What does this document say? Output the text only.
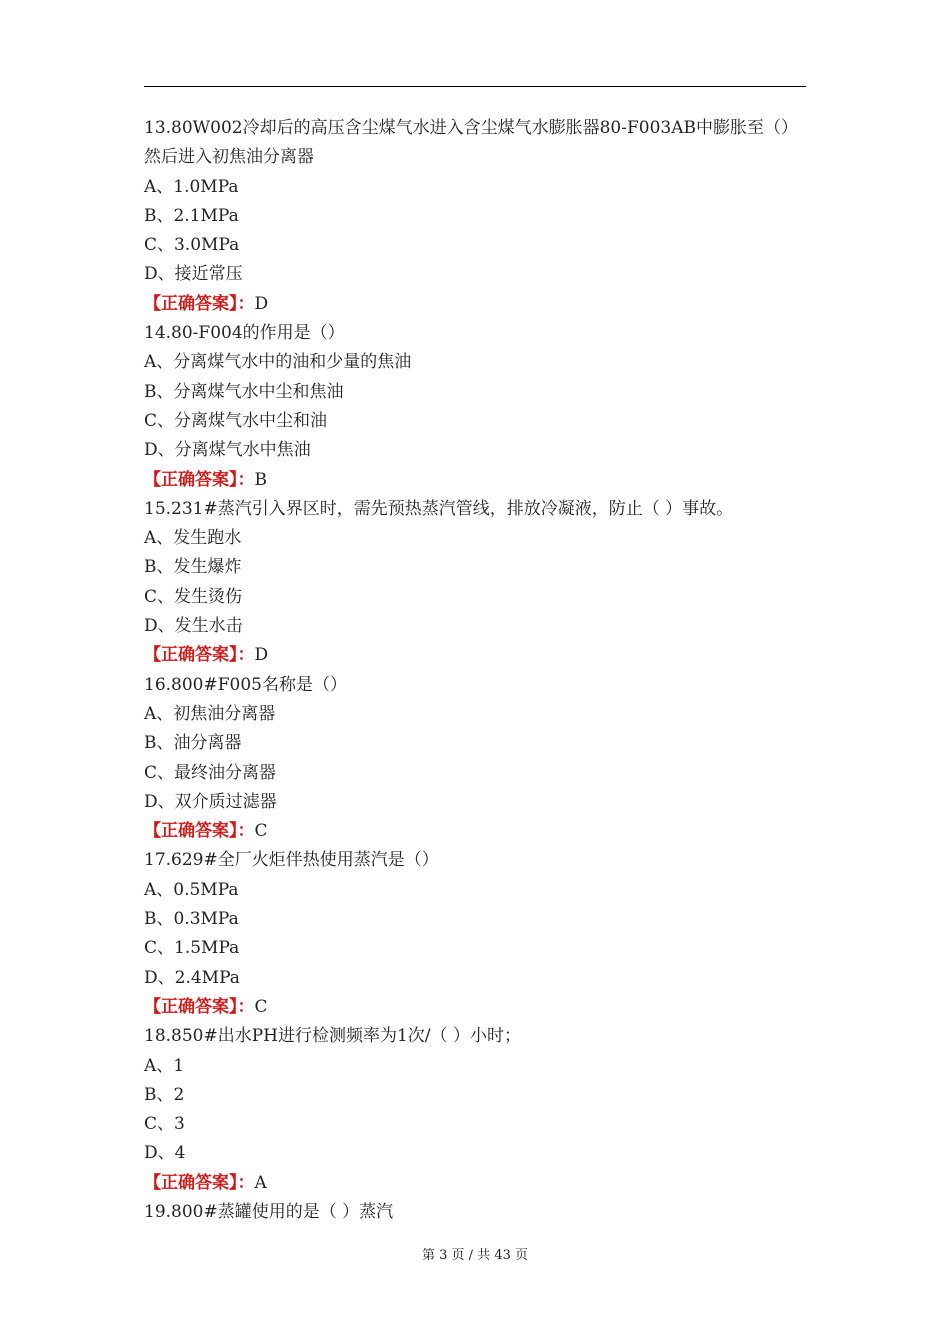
13.80W002冷却后的高压含尘煤气水进入含尘煤气水膨胀器80-F003AB中膨胀至（）然后进入初焦油分离器
A、1.0MPa
B、2.1MPa
C、3.0MPa
D、接近常压
【正确答案】：D
14.80-F004的作用是（）
A、分离煤气水中的油和少量的焦油
B、分离煤气水中尘和焦油
C、分离煤气水中尘和油
D、分离煤气水中焦油
【正确答案】：B
15.231#蒸汽引入界区时，需先预热蒸汽管线，排放冷凝液，防止（ ）事故。
A、发生跑水
B、发生爆炸
C、发生烫伤
D、发生水击
【正确答案】：D
16.800#F005名称是（）
A、初焦油分离器
B、油分离器
C、最终油分离器
D、双介质过滤器
【正确答案】：C
17.629#全厂火炬伴热使用蒸汽是（）
A、0.5MPa
B、0.3MPa
C、1.5MPa
D、2.4MPa
【正确答案】：C
18.850#出水PH进行检测频率为1次/（ ）小时；
A、1
B、2
C、3
D、4
【正确答案】：A
19.800#蒸罐使用的是（ ）蒸汽
第 3 页 / 共 43 页
